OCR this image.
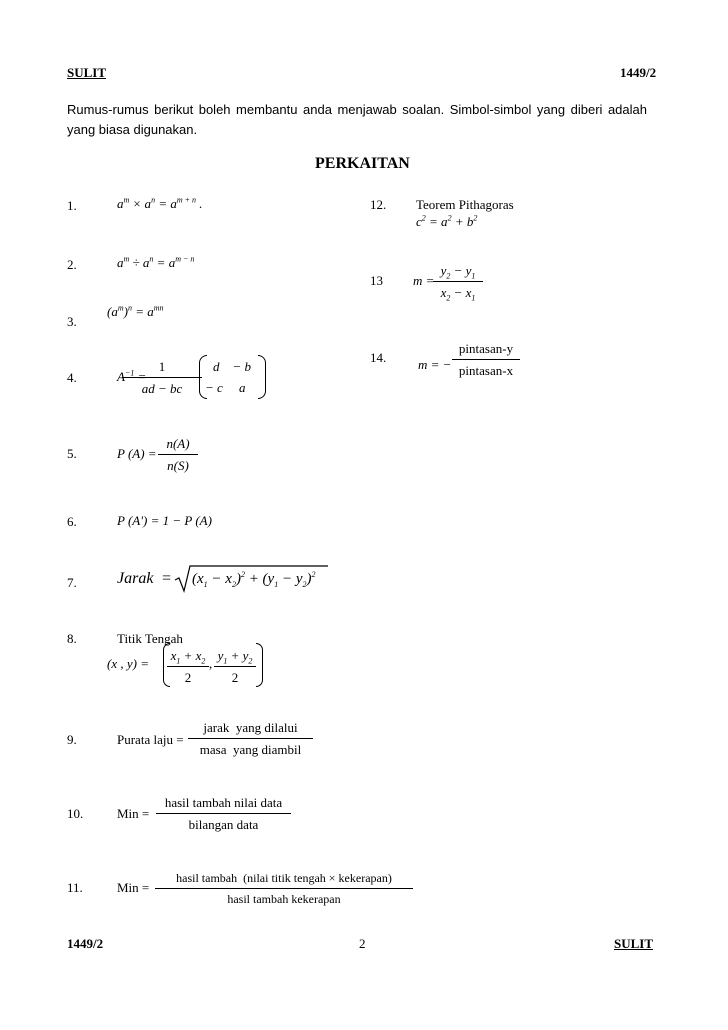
SULIT	1449/2
Rumus-rumus berikut boleh membantu anda menjawab soalan. Simbol-simbol yang diberi adalah yang biasa digunakan.
PERKAITAN
1.	$a^m \times a^n = a^{m + n}$ .
2.	$a^m \div a^n = a^{m - n}$
3.
$(a^m)^n = a^{mn}$
4.	$A^{-1}$ =
$\frac{1}{ad - bc}$ d    − b
− c     a
5.	P $(A) = \frac{n(A)}{n(S)}$
6.	P (A') = 1 − P (A)
7.	Jarak = $(x_1 - x_2)^2 + (y_1 - y_2)^2$
8.	Titik Tengah
(x , $y) = \frac{x_1 + x_2}{2}$ , $\frac{y_1 + y_2}{2}$
9.	Purata laju =
jarak  yang dilalui
masa  yang diambil
10.	Min =
hasil tambah nilai data
bilangan data
11.	Min =
hasil tambah  (nilai titik tengah × kekerapan)
hasil tambah kekerapan
12. Teorem Pithagoras
$c^2 = a^2 + b^2$
13 m =
$\frac{y_2 - y_1}{x_2 - x_1}$
14. m = −
pintasan-y
pintasan-x
1449/2	2	SULIT
